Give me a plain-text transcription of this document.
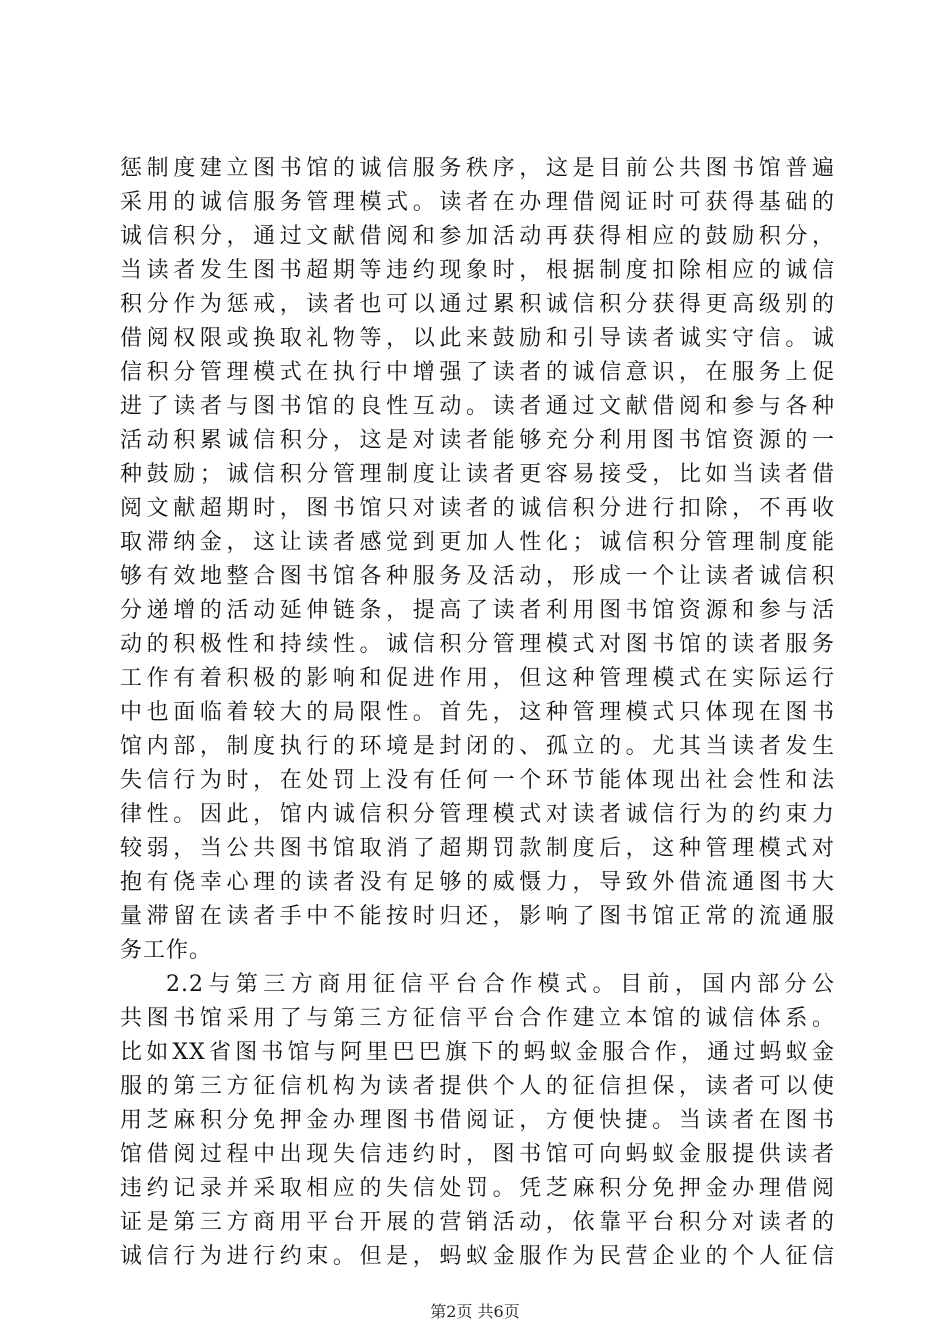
惩制度建立图书馆的诚信服务秩序，这是目前公共图书馆普遍
采用的诚信服务管理模式。读者在办理借阅证时可获得基础的
诚信积分，通过文献借阅和参加活动再获得相应的鼓励积分，
当读者发生图书超期等违约现象时，根据制度扣除相应的诚信
积分作为惩戒，读者也可以通过累积诚信积分获得更高级别的
借阅权限或换取礼物等，以此来鼓励和引导读者诚实守信。诚
信积分管理模式在执行中增强了读者的诚信意识，在服务上促
进了读者与图书馆的良性互动。读者通过文献借阅和参与各种
活动积累诚信积分，这是对读者能够充分利用图书馆资源的一
种鼓励；诚信积分管理制度让读者更容易接受，比如当读者借
阅文献超期时，图书馆只对读者的诚信积分进行扣除，不再收
取滞纳金，这让读者感觉到更加人性化；诚信积分管理制度能
够有效地整合图书馆各种服务及活动，形成一个让读者诚信积
分递增的活动延伸链条，提高了读者利用图书馆资源和参与活
动的积极性和持续性。诚信积分管理模式对图书馆的读者服务
工作有着积极的影响和促进作用，但这种管理模式在实际运行
中也面临着较大的局限性。首先，这种管理模式只体现在图书
馆内部，制度执行的环境是封闭的、孤立的。尤其当读者发生
失信行为时，在处罚上没有任何一个环节能体现出社会性和法
律性。因此，馆内诚信积分管理模式对读者诚信行为的约束力
较弱，当公共图书馆取消了超期罚款制度后，这种管理模式对
抱有侥幸心理的读者没有足够的威慑力，导致外借流通图书大
量滞留在读者手中不能按时归还，影响了图书馆正常的流通服
务工作。
2.2与第三方商用征信平台合作模式。目前，国内部分公
共图书馆采用了与第三方征信平台合作建立本馆的诚信体系。
比如XX省图书馆与阿里巴巴旗下的蚂蚁金服合作，通过蚂蚁金
服的第三方征信机构为读者提供个人的征信担保，读者可以使
用芝麻积分免押金办理图书借阅证，方便快捷。当读者在图书
馆借阅过程中出现失信违约时，图书馆可向蚂蚁金服提供读者
违约记录并采取相应的失信处罚。凭芝麻积分免押金办理借阅
证是第三方商用平台开展的营销活动，依靠平台积分对读者的
诚信行为进行约束。但是，蚂蚁金服作为民营企业的个人征信
第2页 共6页
